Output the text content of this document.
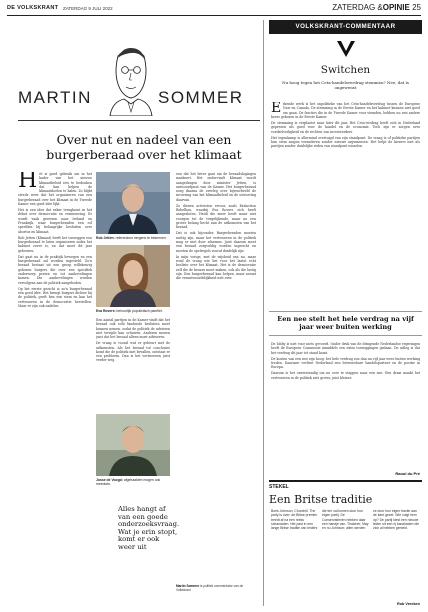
DE VOLKSKRANT ZATERDAG 9 JULI 2022	ZATERDAG &OPINIE 25
MARTIN	SOMMER
Over nut en nadeel van een burgerberaad over het klimaat
H et is goed gebruik om in het kader van het nieuwe klimaatbeleid iets te bedenken dat kan helpen de klimaatdoelen te halen. Zo blijkt steeds weer dat het organiseren van een burgerberaad over het klimaat in de Tweede Kamer een goed idee lijkt.

Het is een idee dat vaker terugkomt in het debat over democratie en vernieuwing. Er wordt vaak gewezen naar Ierland en Frankrijk, waar burgerberaden een rol speelden bij belangrijke besluiten over abortus en klimaat.

Rob Jetten (Klimaat) heeft het toezeggen een burgerberaad te laten organiseren zodra het kabinet zover is, en dat moet dit jaar gebeuren.

Dat gaat nu in de praktijk bewegen en een burgerberaad zal worden ingesteld. Zo'n beraad bestaat uit een groep willekeurig gekozen burgers die over een specifiek onderwerp praten en tot aanbevelingen komen. Die aanbevelingen worden vervolgens aan de politiek aangeboden.

Op het eerste gezicht is zo'n burgerberaad een goed idee. Het brengt burgers dichter bij de politiek, geeft hen een stem en kan het vertrouwen in de democratie herstellen. Maar er zijn ook nadelen.

Rob Jetten: referendum nergens te bekennen.
Eva Rovers: behoorlijk populistisch pamflet.

Een aantal partijen in de Kamer vindt dat het beraad ook echt bindende besluiten moet kunnen nemen, zodat de politiek de adviezen niet terzijde kan schuiven. Anderen menen juist dat het beraad alleen moet adviseren.

De vraag is vooral wat er gebeurt met de uitkomsten. Als het beraad tot conclusies komt die de politiek niet bevallen, ontstaat er een probleem. Dan is het vertrouwen juist verder weg.

Josse de Voogd: afgehaakten mogen ook meedoen.
Alles hangt af van een goede onderzoeksvraag. Wat je erin stopt, komt er ook weer uit

een dat het beter gaat om de beraadslagingen markeert. Het ondervindt klimaat wordt aangedragen door minister Jetten, is antwoordpunt van de Kamer. Het burgerberaad zoeg daarna de overleg over bijvoorbeeld de invoering van het klimaatbeleid en de uitvoering daarvan.

Zo dienen activisten ervoor, zoals Extinction Rebellion, waarbij Eva Rovers zich heeft aangesloten. Heidi die meer heeft maar niet voorgen tot de vergelijkende, maar nu een groter belang hecht aan de uitkomsten van het beraad.

Dat is ook bijzonder. Burgerberaden moeten nuttig zijn, maar het vertrouwen in de politiek mag er niet door afnemen. Juist daarom moet een beraad zorgvuldig worden ingericht en moeten de spelregels vooraf duidelijk zijn.

In mijn vorige, met de wijsheid van nu, maar rond de vraag wie het voor het laatst echt besliste over het klimaat. Het is de democratie zelf die de keuzes moet maken, ook als die lastig zijn. Een burgerberaad kan helpen, maar neemt die verantwoordelijkheid niet over.

Martin Sommer is politiek commentator van de Volkskrant
VOLKSKRANT-COMMENTAAR
Switchen
Nu hoog tegen het Ceta-handelsverdrag stemmen? Nee, dat is ongewenst
E rkende werk is het onpolitieke van het Ceta-handelsverdrag tussen de Europese Unie en Canada. De stemming in de Eerste Kamer en het kabinet kunnen niet goed om gaan. De fracties die in de Tweede Kamer voor stemden, hebben nu een andere koers gekozen in de Eerste Kamer.

De stemming is verplaatst naar later dit jaar. Het Ceta-verdrag heeft zich in Nederland geprezen als goed voor de handel en de economie. Toch zijn er zorgen over voedselveiligheid en de rechten van investeerders.

Het tegenkamp is allermind overtuigd van zijn standpunt. De vraag is of politieke partijen hun stem mogen veranderen zonder nieuwe argumenten. Het helpt de kiezers niet als partijen zonder duidelijke reden van standpunt wisselen.

Een nee stelt het hele verdrag na vijf jaar weer buiten werking

De lobby is niet voor niets gevoerd. Onder druk van de dringende Nederlandse regeringen heeft de Europese Commissie inmiddels een extra toezeggingen gedaan. De uitleg is dat het verdrag dit jaar tot stand komt.

De kosten van een nee zijn hoog: het hele verdrag zou dan na vijf jaar weer buiten werking treden. Daarmee verliest Nederland een betrouwbare handelspartner en de positie in Europa.

Daarom is het onverstandig om nu over te stappen naar een nee. Een draai maakt het vertrouwen in de politiek niet groter, juist kleiner.

Raoul du Pré
STEKEL
Een Britse traditie
Boris Johnson, Churchill. The party is over: de Britse premier treedt af na een reeks schandalen. Het past in een lange Britse traditie van leiders die ten val komen door hun eigen partij. De Conservatieven hebben daar een handje van. Thatcher, May en nu Johnson: allen werden ze door hun eigen fractie aan de kant gezet. Wie volgt hem op? De partij kiest een nieuwe leider uit een rij kandidaten die zich al hebben gemeld.
Rob Vreeken
